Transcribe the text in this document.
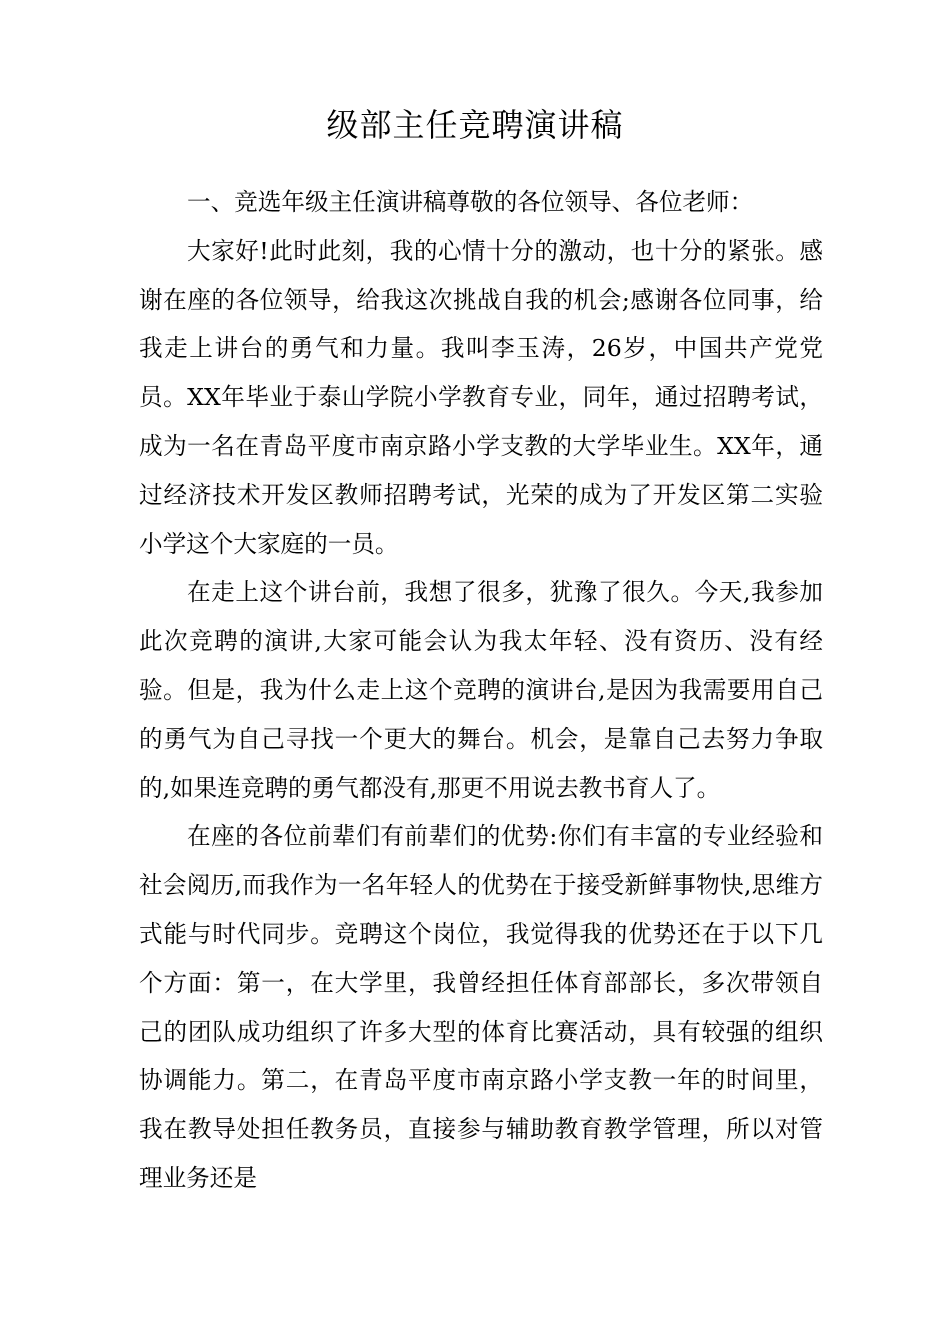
级部主任竞聘演讲稿

一、竞选年级主任演讲稿尊敬的各位领导、各位老师：

大家好!此时此刻，我的心情十分的激动，也十分的紧张。感谢在座的各位领导，给我这次挑战自我的机会;感谢各位同事，给我走上讲台的勇气和力量。我叫李玉涛，26岁，中国共产党党员。XX年毕业于泰山学院小学教育专业，同年，通过招聘考试，成为一名在青岛平度市南京路小学支教的大学毕业生。XX年，通过经济技术开发区教师招聘考试，光荣的成为了开发区第二实验小学这个大家庭的一员。

在走上这个讲台前，我想了很多，犹豫了很久。今天,我参加此次竞聘的演讲,大家可能会认为我太年轻、没有资历、没有经验。但是，我为什么走上这个竞聘的演讲台,是因为我需要用自己的勇气为自己寻找一个更大的舞台。机会，是靠自己去努力争取的,如果连竞聘的勇气都没有,那更不用说去教书育人了。

在座的各位前辈们有前辈们的优势:你们有丰富的专业经验和社会阅历,而我作为一名年轻人的优势在于接受新鲜事物快,思维方式能与时代同步。竞聘这个岗位，我觉得我的优势还在于以下几个方面：第一，在大学里，我曾经担任体育部部长，多次带领自己的团队成功组织了许多大型的体育比赛活动，具有较强的组织协调能力。第二，在青岛平度市南京路小学支教一年的时间里，我在教导处担任教务员，直接参与辅助教育教学管理，所以对管理业务还是
